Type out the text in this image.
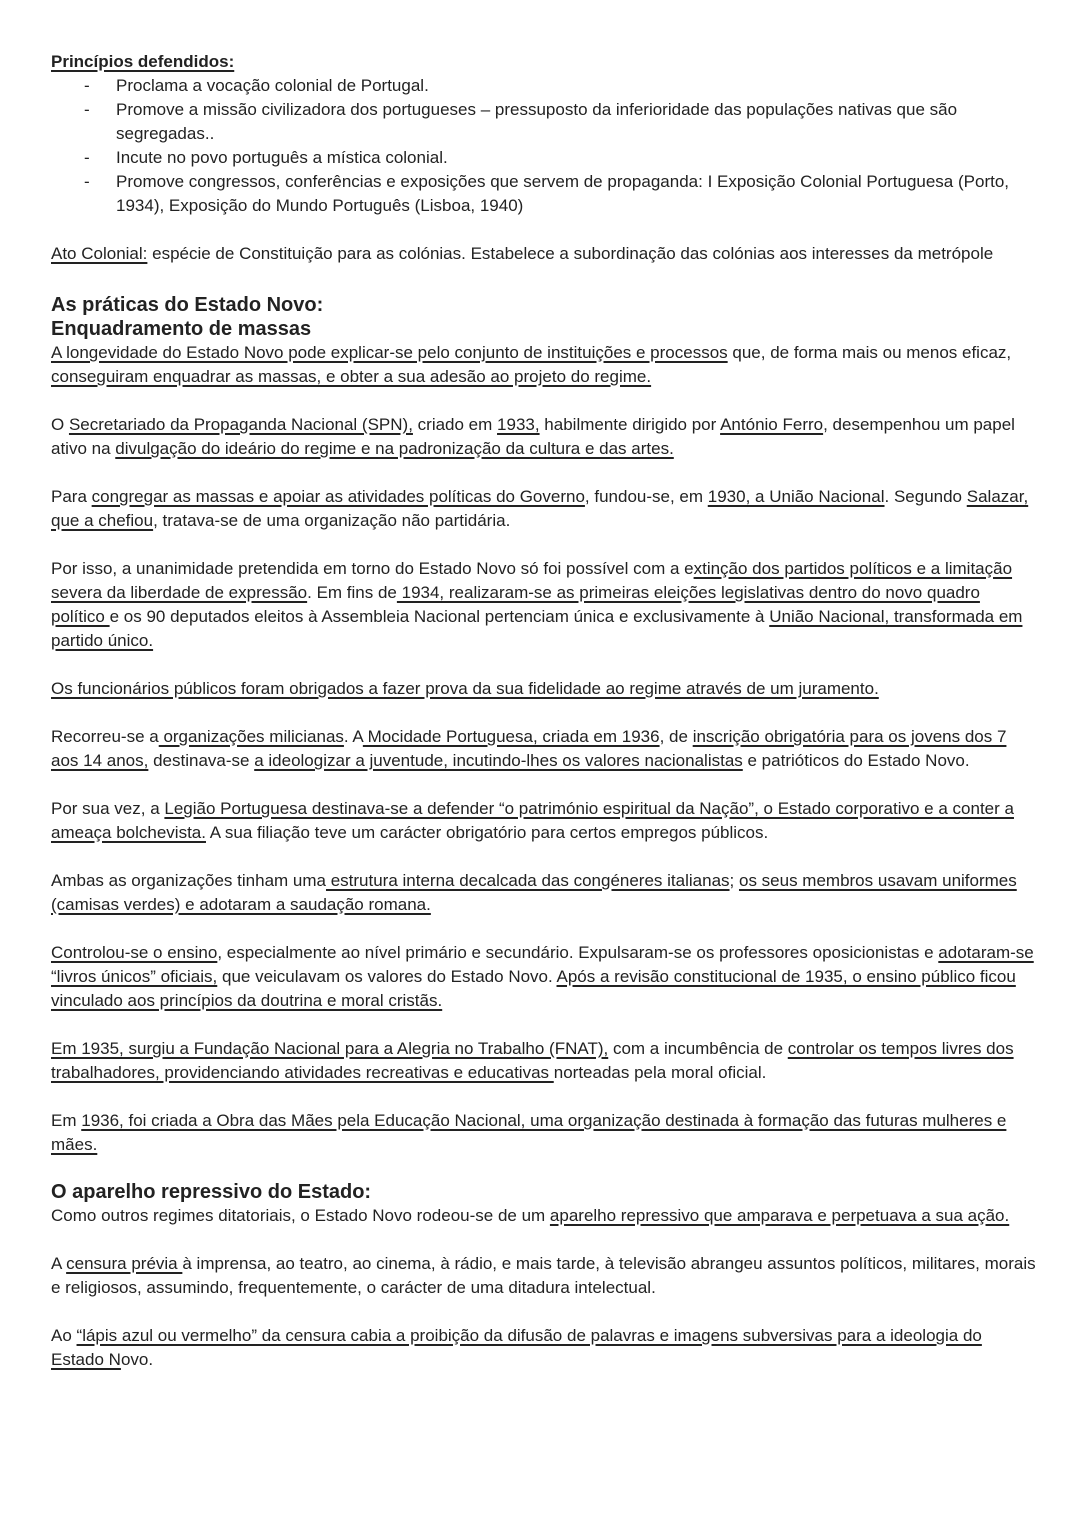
Princípios defendidos:

- Proclama a vocação colonial de Portugal.
- Promove a missão civilizadora dos portugueses – pressuposto da inferioridade das populações nativas que são segregadas..
- Incute no povo português a mística colonial.
- Promove congressos, conferências e exposições que servem de propaganda: I Exposição Colonial Portuguesa (Porto, 1934), Exposição do Mundo Português (Lisboa, 1940)

Ato Colonial: espécie de Constituição para as colónias. Estabelece a subordinação das colónias aos interesses da metrópole

As práticas do Estado Novo:

Enquadramento de massas

A longevidade do Estado Novo pode explicar-se pelo conjunto de instituições e processos que, de forma mais ou menos eficaz, conseguiram enquadrar as massas, e obter a sua adesão ao projeto do regime.

O Secretariado da Propaganda Nacional (SPN), criado em 1933, habilmente dirigido por António Ferro, desempenhou um papel ativo na divulgação do ideário do regime e na padronização da cultura e das artes.

Para congregar as massas e apoiar as atividades políticas do Governo, fundou-se, em 1930, a União Nacional. Segundo Salazar, que a chefiou, tratava-se de uma organização não partidária.

Por isso, a unanimidade pretendida em torno do Estado Novo só foi possível com a extinção dos partidos políticos e a limitação severa da liberdade de expressão. Em fins de 1934, realizaram-se as primeiras eleições legislativas dentro do novo quadro político e os 90 deputados eleitos à Assembleia Nacional pertenciam única e exclusivamente à União Nacional, transformada em partido único.

Os funcionários públicos foram obrigados a fazer prova da sua fidelidade ao regime através de um juramento.

Recorreu-se a organizações milicianas. A Mocidade Portuguesa, criada em 1936, de inscrição obrigatória para os jovens dos 7 aos 14 anos, destinava-se a ideologizar a juventude, incutindo-lhes os valores nacionalistas e patrióticos do Estado Novo.

Por sua vez, a Legião Portuguesa destinava-se a defender “o património espiritual da Nação”, o Estado corporativo e a conter a ameaça bolchevista. A sua filiação teve um carácter obrigatório para certos empregos públicos.

Ambas as organizações tinham uma estrutura interna decalcada das congéneres italianas; os seus membros usavam uniformes (camisas verdes) e adotaram a saudação romana.

Controlou-se o ensino, especialmente ao nível primário e secundário. Expulsaram-se os professores oposicionistas e adotaram-se “livros únicos” oficiais, que veiculavam os valores do Estado Novo. Após a revisão constitucional de 1935, o ensino público ficou vinculado aos princípios da doutrina e moral cristãs.

Em 1935, surgiu a Fundação Nacional para a Alegria no Trabalho (FNAT), com a incumbência de controlar os tempos livres dos trabalhadores, providenciando atividades recreativas e educativas norteadas pela moral oficial.

Em 1936, foi criada a Obra das Mães pela Educação Nacional, uma organização destinada à formação das futuras mulheres e mães.

O aparelho repressivo do Estado:

Como outros regimes ditatoriais, o Estado Novo rodeou-se de um aparelho repressivo que amparava e perpetuava a sua ação.

A censura prévia à imprensa, ao teatro, ao cinema, à rádio, e mais tarde, à televisão abrangeu assuntos políticos, militares, morais e religiosos, assumindo, frequentemente, o carácter de uma ditadura intelectual.

Ao “lápis azul ou vermelho” da censura cabia a proibição da difusão de palavras e imagens subversivas para a ideologia do Estado Novo.
